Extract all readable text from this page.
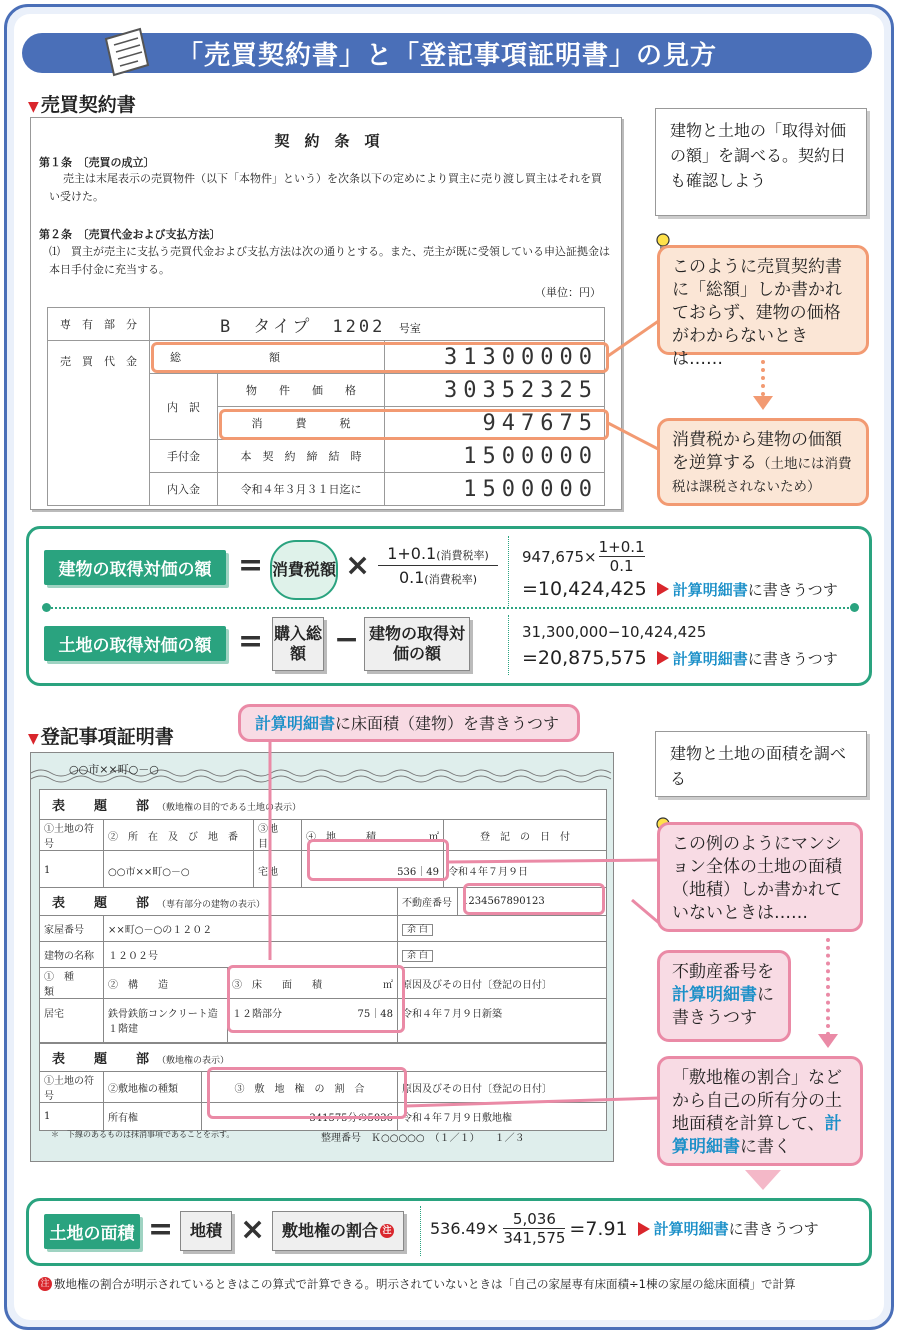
「売買契約書」と「登記事項証明書」の見方
▼ 売買契約書
契　約　条　項
第１条　〔売買の成立〕
売主は末尾表示の売買物件（以下「本物件」という）を次条以下の定めにより買主に売り渡し買主はそれを買い受けた。
第２条　〔売買代金および支払方法〕
⑴　買主が売主に支払う売買代金および支払方法は次の通りとする。また、売主が既に受領している申込証拠金は本日手付金に充当する。
（単位：円）
専　有　部　分	B　タイプ　1202 号室		
売　買　代　金	総　　　　　　　　額		31300000
	内　訳	物　　件　　価　　格	30352325
		消　　　費　　　税	947675
	手付金	本　契　約　締　結　時	1500000
	内入金	令和４年３月３１日迄に	1500000
建物と土地の「取得対価の額」を調べる。契約日も確認しよう
このように売買契約書に「総額」しか書かれておらず、建物の価格がわからないときは……
消費税から建物の価額を逆算する（土地には消費税は課税されないため）
建物の取得対価の額 = 消費税額 ×	1+0.1(消費税率)
0.1(消費税率)
$947,675\times \frac{1+0.1}{0.1}$
=10,424,425 計算明細書 に書きうつす
土地の取得対価の額 = 購入総額 − 建物の取得対価の額
31,300,000−10,424,425
=20,875,575 計算明細書 に書きうつす
▼ 登記事項証明書
計算明細書に床面積（建物）を書きうつす
○○市××町○－○
表　題　部（敷地権の目的である土地の表示）				
①土地の符号	②　所　在　及　び　地　番	③地　目	④　地　　　積 ㎡	登　記　の　日　付
1	○○市××町○－○	宅地	536｜49	令和４年７月９日
表　題　部（専有部分の建物の表示）			不動産番号	1234567890123
家屋番号	××町○－○の１２０２		余 白	
建物の名称	１２０２号		余 白	
①　種　　類	②　構　　造	③　床　　面　　積 ㎡	原因及びその日付〔登記の日付〕	
居宅	鉄骨鉄筋コンクリート造１階建	１２階部分 75｜48	令和４年７月９日新築	
表　題　部（敷地権の表示）			
①土地の符号	②敷地権の種類	③　敷　地　権　の　割　合	原因及びその日付〔登記の日付〕
1	所有権	341575分の5036	令和４年７月９日敷地権
＊　下線のあるものは抹消事項であることを示す。	整理番号　Ｋ○○○○○　（１／１）　　１／３
建物と土地の面積を調べる
この例のようにマンション全体の土地の面積（地積）しか書かれていないときは……
不動産番号を計算明細書に書きうつす
「敷地権の割合」などから自己の所有分の土地面積を計算して、計算明細書に書く
土地の面積 =	地積 × 敷地権の割合 注 $536.49\times \frac{5,036}{341,575} =7.91$ 計算明細書 に書きうつす
注 敷地権の割合が明示されているときはこの算式で計算できる。明示されていないときは「自己の家屋専有床面積÷1棟の家屋の総床面積」で計算
